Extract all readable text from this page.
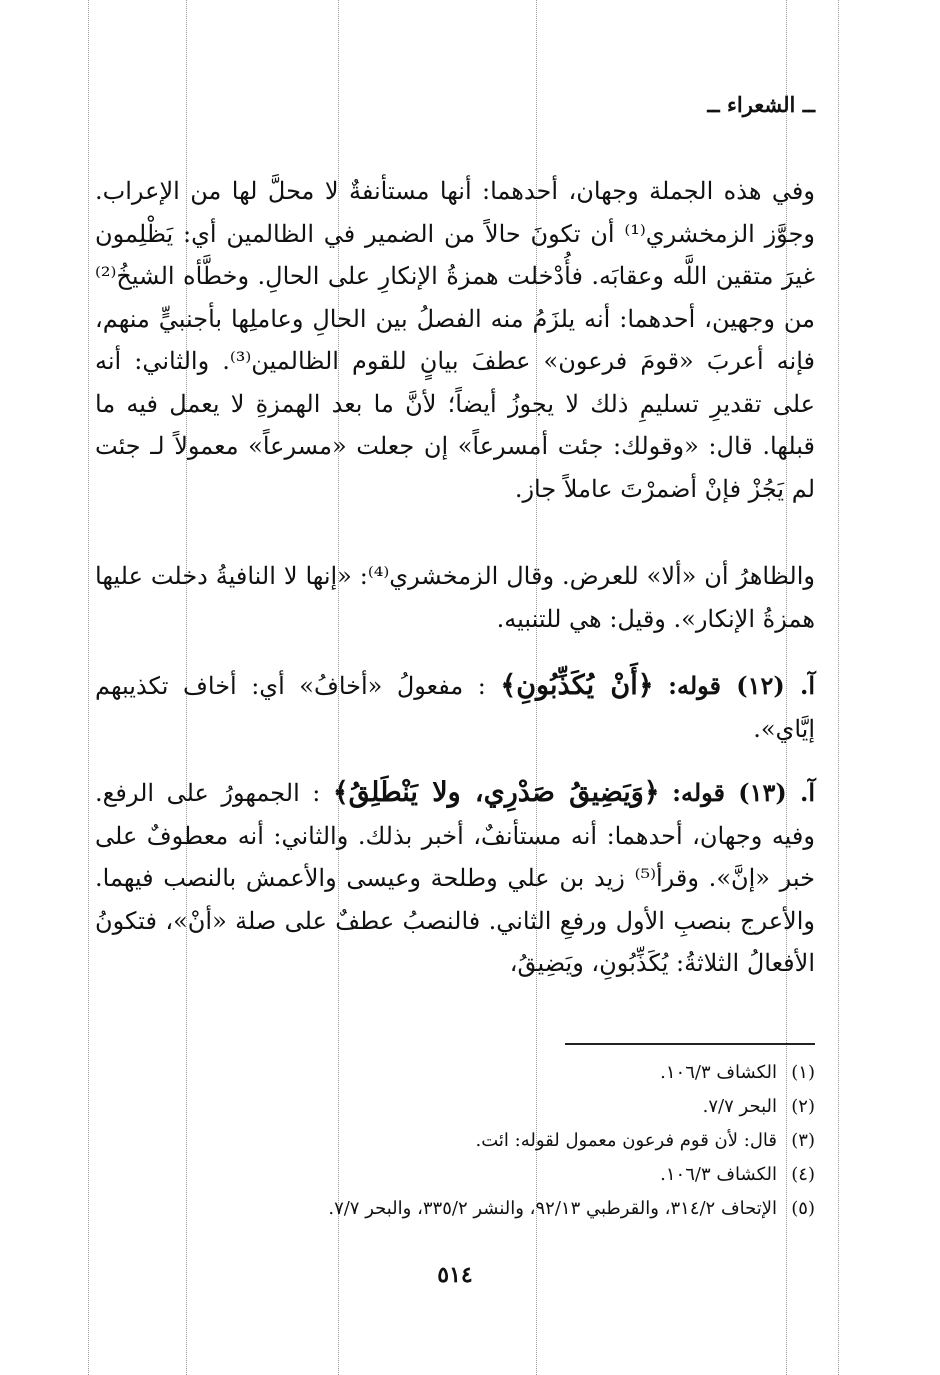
ــ الشعراء ــ

وفي هذه الجملة وجهان، أحدهما: أنها مستأنفةٌ لا محلَّ لها من الإعراب. وجوَّز الزمخشري⁽¹⁾ أن تكونَ حالاً من الضمير في الظالمين أي: يَظْلِمون غيرَ متقين اللَّه وعقابَه. فأُدْخلت همزةُ الإنكارِ على الحالِ. وخطَّأه الشيخُ⁽²⁾ من وجهين، أحدهما: أنه يلزَمُ منه الفصلُ بين الحالِ وعاملِها بأجنبيٍّ منهم، فإنه أعربَ «قومَ فرعون» عطفَ بيانٍ للقوم الظالمين⁽³⁾. والثاني: أنه على تقديرِ تسليمِ ذلك لا يجوزُ أيضاً؛ لأنَّ ما بعد الهمزةِ لا يعمل فيه ما قبلها. قال: «وقولك: جئت أمسرعاً» إن جعلت «مسرعاً» معمولاً لـ جئت لم يَجُزْ فإنْ أضمرْتَ عاملاً جاز.

والظاهرُ أن «ألا» للعرض. وقال الزمخشري⁽⁴⁾: «إنها لا النافيةُ دخلت عليها همزةُ الإنكار». وقيل: هي للتنبيه.

آ. (١٢) قوله: ﴿أَنْ يُكَذِّبُونِ﴾ : مفعولُ «أخافُ» أي: أخاف تكذيبهم إيَّاي».

آ. (١٣) قوله: ﴿وَيَضِيقُ صَدْرِي، ولا يَنْطَلِقُ﴾ : الجمهورُ على الرفع. وفيه وجهان، أحدهما: أنه مستأنفٌ، أخبر بذلك. والثاني: أنه معطوفٌ على خبر «إنَّ». وقرأ⁽⁵⁾ زيد بن علي وطلحة وعيسى والأعمش بالنصب فيهما. والأعرج بنصبِ الأول ورفعِ الثاني. فالنصبُ عطفٌ على صلة «أنْ»، فتكونُ الأفعالُ الثلاثةُ: يُكَذِّبُونِ، ويَضِيقُ،

(١)الكشاف ١٠٦/٣.
(٢)البحر ٧/٧.
(٣)قال: لأن قوم فرعون معمول لقوله: ائت.
(٤)الكشاف ١٠٦/٣.
(٥)الإتحاف ٣١٤/٢، والقرطبي ٩٢/١٣، والنشر ٣٣٥/٢، والبحر ٧/٧.
٥١٤
